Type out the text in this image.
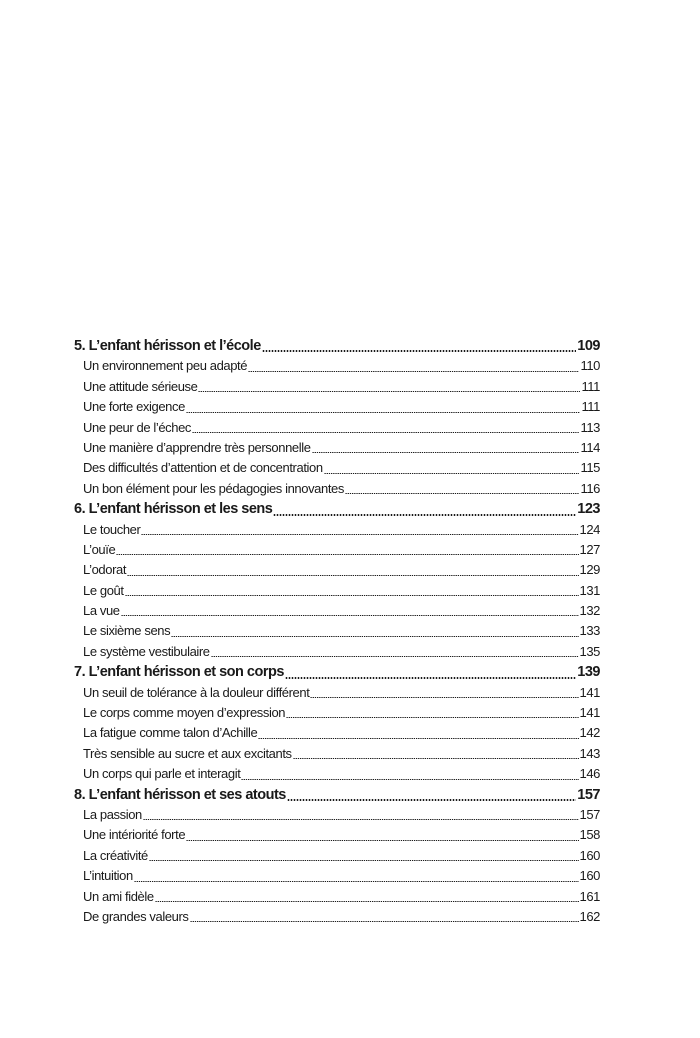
5. L’enfant hérisson et l’école	109
Un environnement peu adapté	110
Une attitude sérieuse	111
Une forte exigence	111
Une peur de l’échec	113
Une manière d’apprendre très personnelle	114
Des difficultés d’attention et de concentration	115
Un bon élément pour les pédagogies innovantes	116
6. L’enfant hérisson et les sens	123
Le toucher	124
L’ouïe	127
L’odorat	129
Le goût	131
La vue	132
Le sixième sens	133
Le système vestibulaire	135
7. L’enfant hérisson et son corps	139
Un seuil de tolérance à la douleur différent	141
Le corps comme moyen d’expression	141
La fatigue comme talon d’Achille	142
Très sensible au sucre et aux excitants	143
Un corps qui parle et interagit	146
8. L’enfant hérisson et ses atouts	157
La passion	157
Une intériorité forte	158
La créativité	160
L’intuition	160
Un ami fidèle	161
De grandes valeurs	162
